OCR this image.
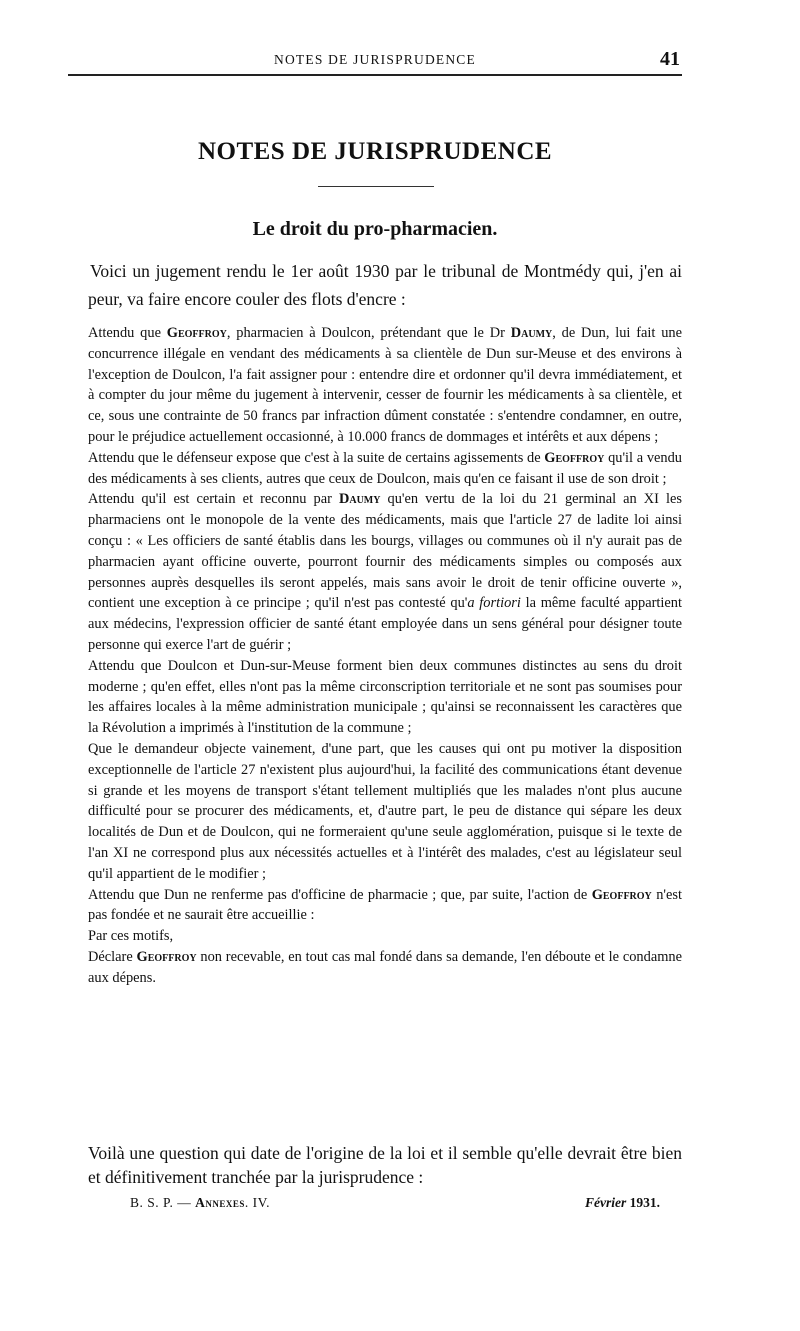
NOTES DE JURISPRUDENCE	41
NOTES DE JURISPRUDENCE
Le droit du pro-pharmacien.

Voici un jugement rendu le 1er août 1930 par le tribunal de Montmédy qui, j'en ai peur, va faire encore couler des flots d'encre :

Attendu que Geoffroy, pharmacien à Doulcon, prétendant que le Dr Daumy, de Dun, lui fait une concurrence illégale en vendant des médicaments à sa clientèle de Dun sur-Meuse et des environs à l'exception de Doulcon, l'a fait assigner pour : entendre dire et ordonner qu'il devra immédiatement, et à compter du jour même du jugement à intervenir, cesser de fournir les médicaments à sa clientèle, et ce, sous une contrainte de 50 francs par infraction dûment constatée : s'entendre condamner, en outre, pour le préjudice actuellement occasionné, à 10.000 francs de dommages et intérêts et aux dépens ;

Attendu que le défenseur expose que c'est à la suite de certains agissements de Geoffroy qu'il a vendu des médicaments à ses clients, autres que ceux de Doulcon, mais qu'en ce faisant il use de son droit ;

Attendu qu'il est certain et reconnu par Daumy qu'en vertu de la loi du 21 germinal an XI les pharmaciens ont le monopole de la vente des médicaments, mais que l'article 27 de ladite loi ainsi conçu : « Les officiers de santé établis dans les bourgs, villages ou communes où il n'y aurait pas de pharmacien ayant officine ouverte, pourront fournir des médicaments simples ou composés aux personnes auprès desquelles ils seront appelés, mais sans avoir le droit de tenir officine ouverte », contient une exception à ce principe ; qu'il n'est pas contesté qu'a fortiori la même faculté appartient aux médecins, l'expression officier de santé étant employée dans un sens général pour désigner toute personne qui exerce l'art de guérir ;

Attendu que Doulcon et Dun-sur-Meuse forment bien deux communes distinctes au sens du droit moderne ; qu'en effet, elles n'ont pas la même circonscription territoriale et ne sont pas soumises pour les affaires locales à la même administration municipale ; qu'ainsi se reconnaissent les caractères que la Révolution a imprimés à l'institution de la commune ;

Que le demandeur objecte vainement, d'une part, que les causes qui ont pu motiver la disposition exceptionnelle de l'article 27 n'existent plus aujourd'hui, la facilité des communications étant devenue si grande et les moyens de transport s'étant tellement multipliés que les malades n'ont plus aucune difficulté pour se procurer des médicaments, et, d'autre part, le peu de distance qui sépare les deux localités de Dun et de Doulcon, qui ne formeraient qu'une seule agglomération, puisque si le texte de l'an XI ne correspond plus aux nécessités actuelles et à l'intérêt des malades, c'est au législateur seul qu'il appartient de le modifier ;

Attendu que Dun ne renferme pas d'officine de pharmacie ; que, par suite, l'action de Geoffroy n'est pas fondée et ne saurait être accueillie :

Par ces motifs,

Déclare Geoffroy non recevable, en tout cas mal fondé dans sa demande, l'en déboute et le condamne aux dépens.

Voilà une question qui date de l'origine de la loi et il semble qu'elle devrait être bien et définitivement tranchée par la jurisprudence :

B. S. P. — Annexes. IV.	Février 1931.
